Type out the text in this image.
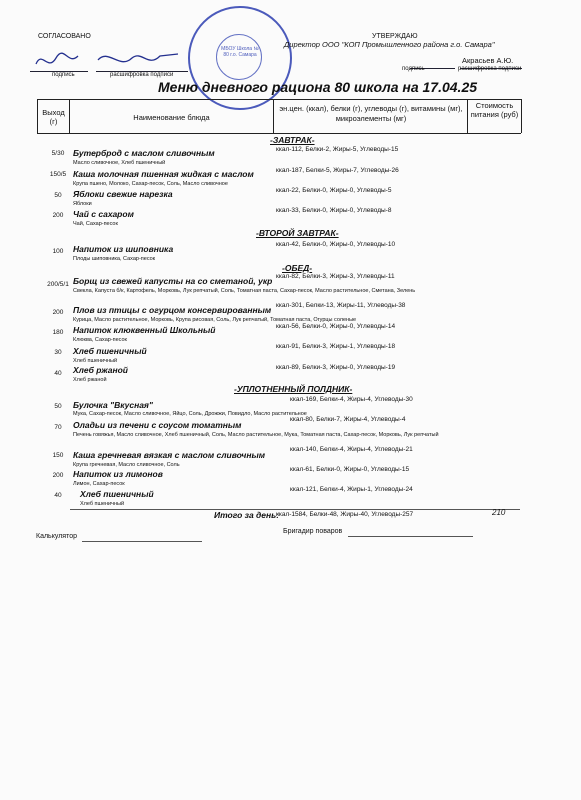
СОГЛАСОВАНО
подпись	расшифровка подписи
МБОУ Школа № 80 г.о. Самара
УТВЕРЖДАЮ
Директор ООО "КОП Промышленного района г.о. Самара"
Акрасьев А.Ю.
подпись	расшифровка подписи
Меню дневного рациона 80 школа на 17.04.25
Выход (г)	Наименование блюда
эн.цен. (ккал), белки (г), углеводы (г), витамины (мг), микроэлементы (мг)
Стоимость питания (руб)
-ЗАВТРАК-
-ВТОРОЙ ЗАВТРАК-
-ОБЕД-
-УПЛОТНЕННЫЙ ПОЛДНИК-
5/30	Бутерброд с маслом сливочным
Масло сливочное, Хлеб пшеничный
ккал-112, Белки-2, Жиры-5, Углеводы-15
150/5 Каша молочная пшенная жидкая с маслом
Крупа пшено, Молоко, Сахар-песок, Соль, Масло сливочное
ккал-187, Белки-5, Жиры-7, Углеводы-26
50	Яблоки свежие нарезка
Яблоки
ккал-22, Белки-0, Жиры-0, Углеводы-5
200	Чай с сахаром
Чай, Сахар-песок
ккал-33, Белки-0, Жиры-0, Углеводы-8
100	Напиток из шиповника
Плоды шиповника, Сахар-песок
ккал-42, Белки-0, Жиры-0, Углеводы-10
200/5/1 Борщ из свежей капусты на со сметаной, укр
Свекла, Капуста б/к, Картофель, Морковь, Лук репчатый, Соль, Томатная паста, Сахар-песок, Масло растительное, Сметана, Зелень
ккал-82, Белки-3, Жиры-3, Углеводы-11
200	Плов из птицы с огурцом консервированным
Курица, Масло растительное, Морковь, Крупа рисовая, Соль, Лук репчатый, Томатная паста, Огурцы соленые
ккал-301, Белки-13, Жиры-11, Углеводы-38
180	Напиток клюквенный Школьный
Клюква, Сахар-песок
ккал-56, Белки-0, Жиры-0, Углеводы-14
30	Хлеб пшеничный
Хлеб пшеничный
ккал-91, Белки-3, Жиры-1, Углеводы-18
40	Хлеб ржаной
Хлеб ржаной
ккал-89, Белки-3, Жиры-0, Углеводы-19
50	Булочка "Вкусная"
Мука, Сахар-песок, Масло сливочное, Яйцо, Соль, Дрожжи, Повидло, Масло растительное
ккал-169, Белки-4, Жиры-4, Углеводы-30
70	Оладьи из печени с соусом томатным
Печень говяжья, Масло сливочное, Хлеб пшеничный, Соль, Масло растительное, Мука, Томатная паста, Сахар-песок, Морковь, Лук репчатый
ккал-80, Белки-7, Жиры-4, Углеводы-4
150	Каша гречневая вязкая с маслом сливочным
Крупа гречневая, Масло сливочное, Соль
ккал-140, Белки-4, Жиры-4, Углеводы-21
200	Напиток из лимонов
Лимон, Сахар-песок
ккал-61, Белки-0, Жиры-0, Углеводы-15
40	Хлеб пшеничный
Хлеб пшеничный
ккал-121, Белки-4, Жиры-1, Углеводы-24
Итого за день:
ккал-1584, Белки-48, Жиры-40, Углеводы-257	210
Калькулятор
Бригадир поваров
